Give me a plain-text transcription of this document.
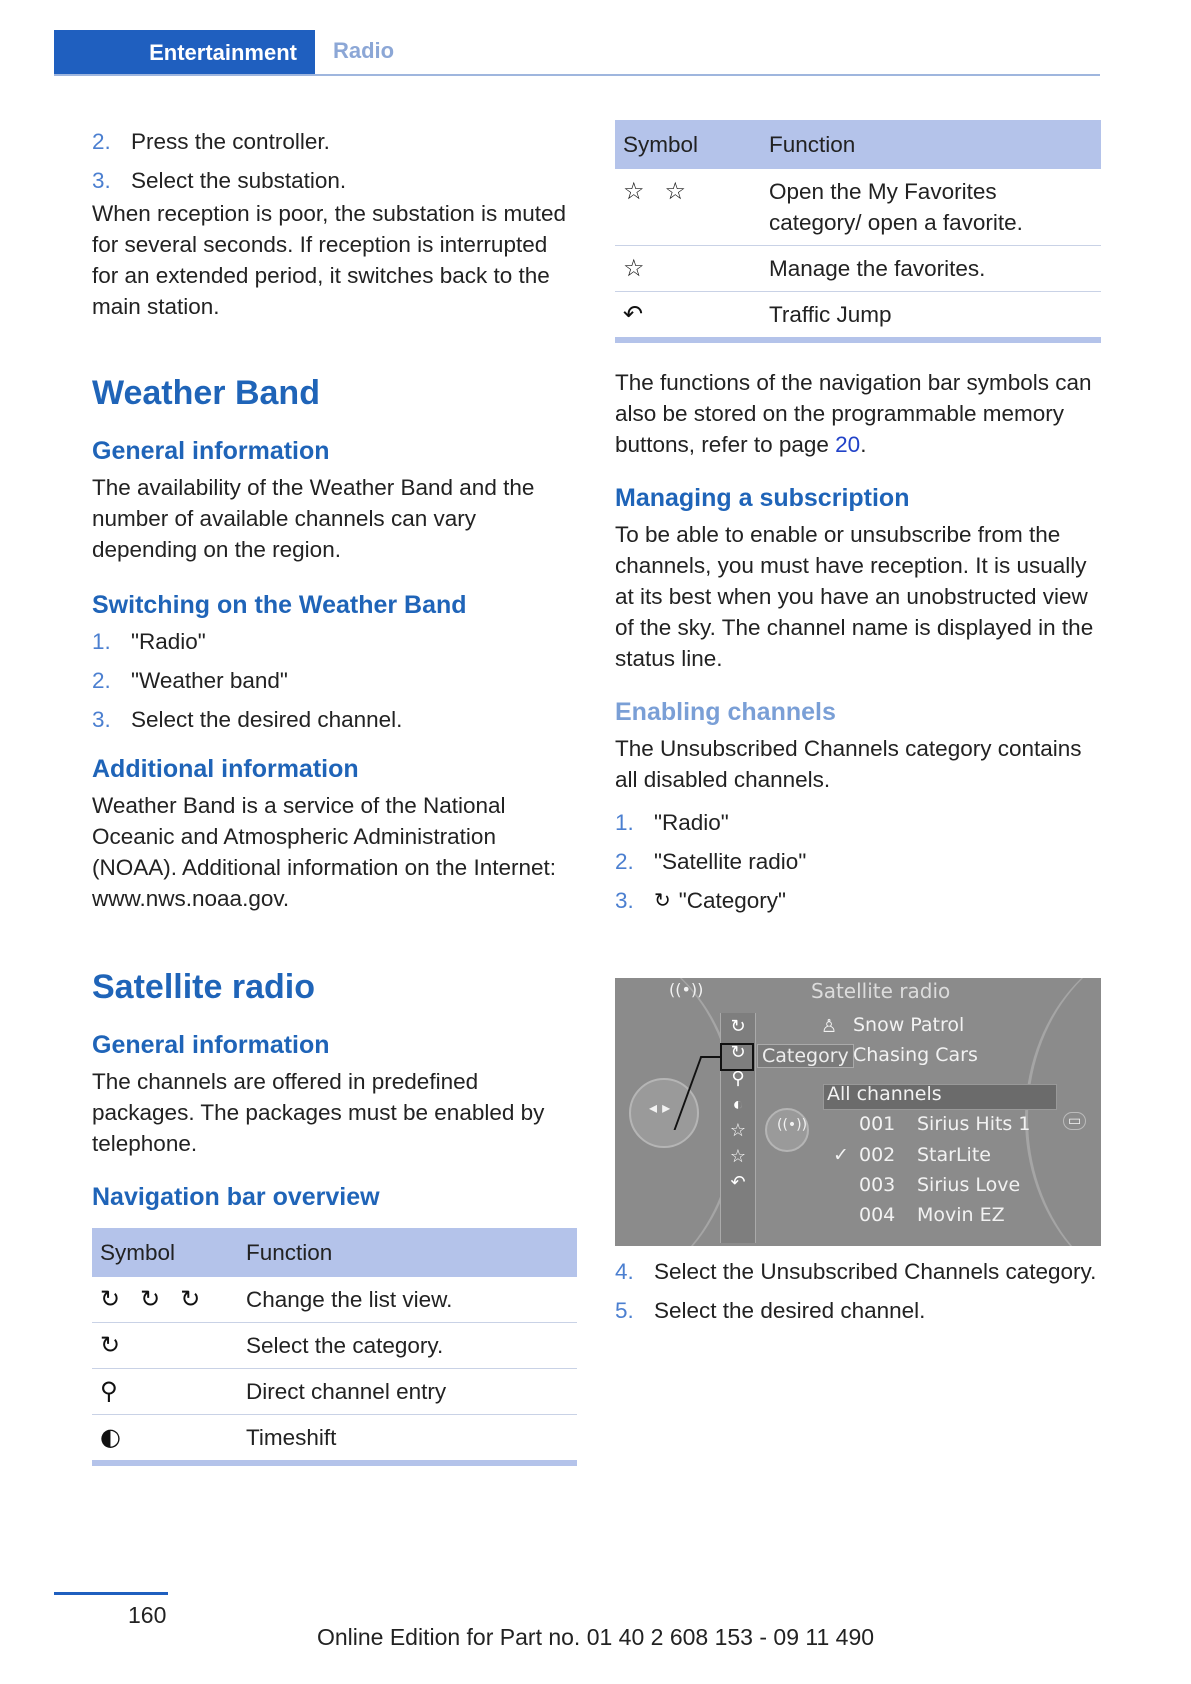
Entertainment	Radio
2. Press the controller.
3. Select the substation.

When reception is poor, the substation is muted for several seconds. If reception is interrupted for an extended period, it switches back to the main station.

Weather Band
General information

The availability of the Weather Band and the number of available channels can vary depending on the region.

Switching on the Weather Band
1. "Radio"
2. "Weather band"
3. Select the desired channel.
Additional information

Weather Band is a service of the National Oceanic and Atmospheric Administration (NOAA). Additional information on the Internet: www.nws.noaa.gov.

Satellite radio
General information

The channels are offered in predefined packages. The packages must be enabled by telephone.

Navigation bar overview
Symbol	Function
↻ ↻ ↻	Change the list view.
↻	Select the category.
⚲	Direct channel entry
◐	Timeshift
Symbol	Function
☆ ☆	Open the My Favorites category/ open a favorite.
☆	Manage the favorites.
↶	Traffic Jump

The functions of the navigation bar symbols can also be stored on the programmable memory buttons, refer to page 20.

Managing a subscription

To be able to enable or unsubscribe from the channels, you must have reception. It is usually at its best when you have an unobstructed view of the sky. The channel name is displayed in the status line.

Enabling channels

The Unsubscribed Channels category contains all disabled channels.

1. "Radio"
2. "Satellite radio"
3.	↻ "Category"
((•))	Satellite radio
◂ ▸
↻
↻
⚲
◐
☆
☆
↶
Category
♙ Snow Patrol
Chasing Cars
All channels
((•))	001 Sirius Hits 1
✓ 002 StarLite
003 Sirius Love
004 Movin EZ
▭
4. Select the Unsubscribed Channels category.
5. Select the desired channel.
160
Online Edition for Part no. 01 40 2 608 153 - 09 11 490
